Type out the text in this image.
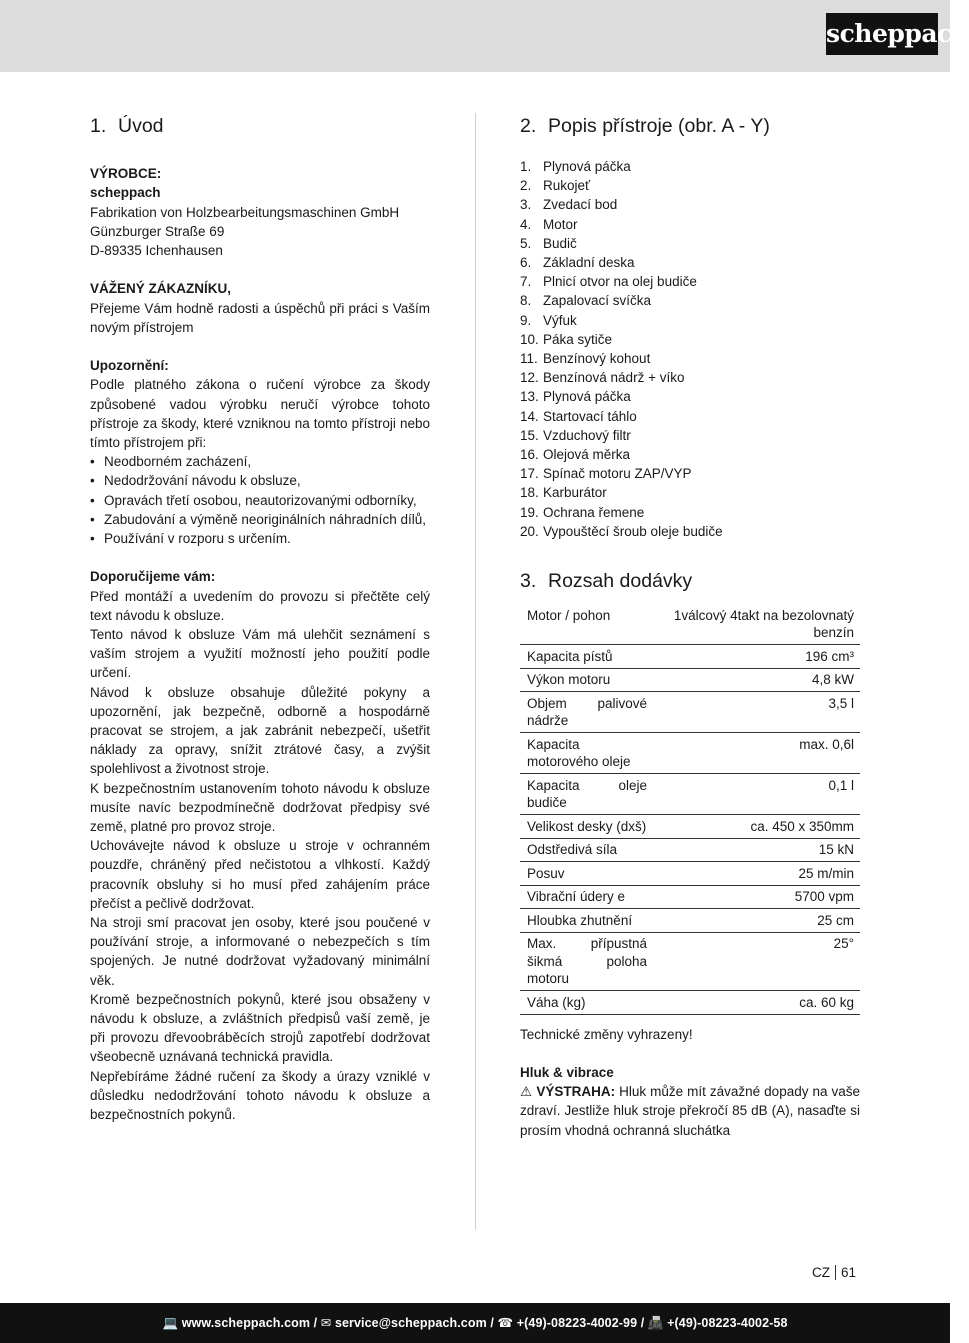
scheppach
1. Úvod
VÝROBCE:
scheppach
Fabrikation von Holzbearbeitungsmaschinen GmbH
Günzburger Straße 69
D-89335 Ichenhausen
VÁŽENÝ ZÁKAZNÍKU,
Přejeme Vám hodně radosti a úspěchů při práci s Vaším novým přístrojem
Upozornění:
Podle platného zákona o ručení výrobce za škody způsobené vadou výrobku neručí výrobce tohoto přístroje za škody, které vzniknou na tomto přístroji nebo tímto přístrojem při:
• Neodborném zacházení,
• Nedodržování návodu k obsluze,
• Opravách třetí osobou, neautorizovanými odborníky,
• Zabudování a výměně neoriginálních náhradních dílů,
• Používání v rozporu s určením.
Doporučijeme vám:
Před montáží a uvedením do provozu si přečtěte celý text návodu k obsluze.
Tento návod k obsluze Vám má ulehčit seznámení s vaším strojem a využití možností jeho použití podle určení.
Návod k obsluze obsahuje důležité pokyny a upozornění, jak bezpečně, odborně a hospodárně pracovat se strojem, a jak zabránit nebezpečí, ušetřit náklady za opravy, snížit ztrátové časy, a zvýšit spolehlivost a životnost stroje.
K bezpečnostním ustanovením tohoto návodu k obsluze musíte navíc bezpodmínečně dodržovat předpisy své země, platné pro provoz stroje.
Uchovávejte návod k obsluze u stroje v ochranném pouzdře, chráněný před nečistotou a vlhkostí. Každý pracovník obsluhy si ho musí před zahájením práce přečíst a pečlivě dodržovat.
Na stroji smí pracovat jen osoby, které jsou poučené v používání stroje, a informované o nebezpečích s tím spojených. Je nutné dodržovat vyžadovaný minimální věk.
Kromě bezpečnostních pokynů, které jsou obsaženy v návodu k obsluze, a zvláštních předpisů vaší země, je při provozu dřevoobráběcích strojů zapotřebí dodržovat všeobecně uznávaná technická pravidla.
Nepřebíráme žádné ručení za škody a úrazy vzniklé v důsledku nedodržování tohoto návodu k obsluze a bezpečnostních pokynů.
2. Popis přístroje (obr. A - Y)
1. Plynová páčka
2. Rukojeť
3. Zvedací bod
4. Motor
5. Budič
6. Základní deska
7. Plnicí otvor na olej budiče
8. Zapalovací svíčka
9. Výfuk
10. Páka sytiče
11. Benzínový kohout
12. Benzínová nádrž + víko
13. Plynová páčka
14. Startovací táhlo
15. Vzduchový filtr
16. Olejová měrka
17. Spínač motoru ZAP/VYP
18. Karburátor
19. Ochrana řemene
20. Vypouštěcí šroub oleje budiče
3. Rozsah dodávky
Motor / pohon	1válcový 4takt na bezolovnatý benzín
Kapacita pístů	196 cm³
Výkon motoru	4,8 kW
Objem palivové nádrže	3,5 l
Kapacita motorového oleje	max. 0,6l
Kapacita oleje budiče	0,1 l
Velikost desky (dxš)	ca. 450 x 350mm
Odstředivá síla	15 kN
Posuv	25 m/min
Vibrační údery e	5700 vpm
Hloubka zhutnění	25 cm
Max. přípustná šikmá poloha motoru	25°
Váha (kg)	ca. 60 kg
Technické změny vyhrazeny!
Hluk & vibrace
⚠ VÝSTRAHA: Hluk může mít závažné dopady na vaše zdraví. Jestliže hluk stroje překročí 85 dB (A), nasaďte si prosím vhodná ochranná sluchátka
CZ 61
💻 www.scheppach.com / ✉ service@scheppach.com / ☎ +(49)-08223-4002-99 / 📠 +(49)-08223-4002-58
